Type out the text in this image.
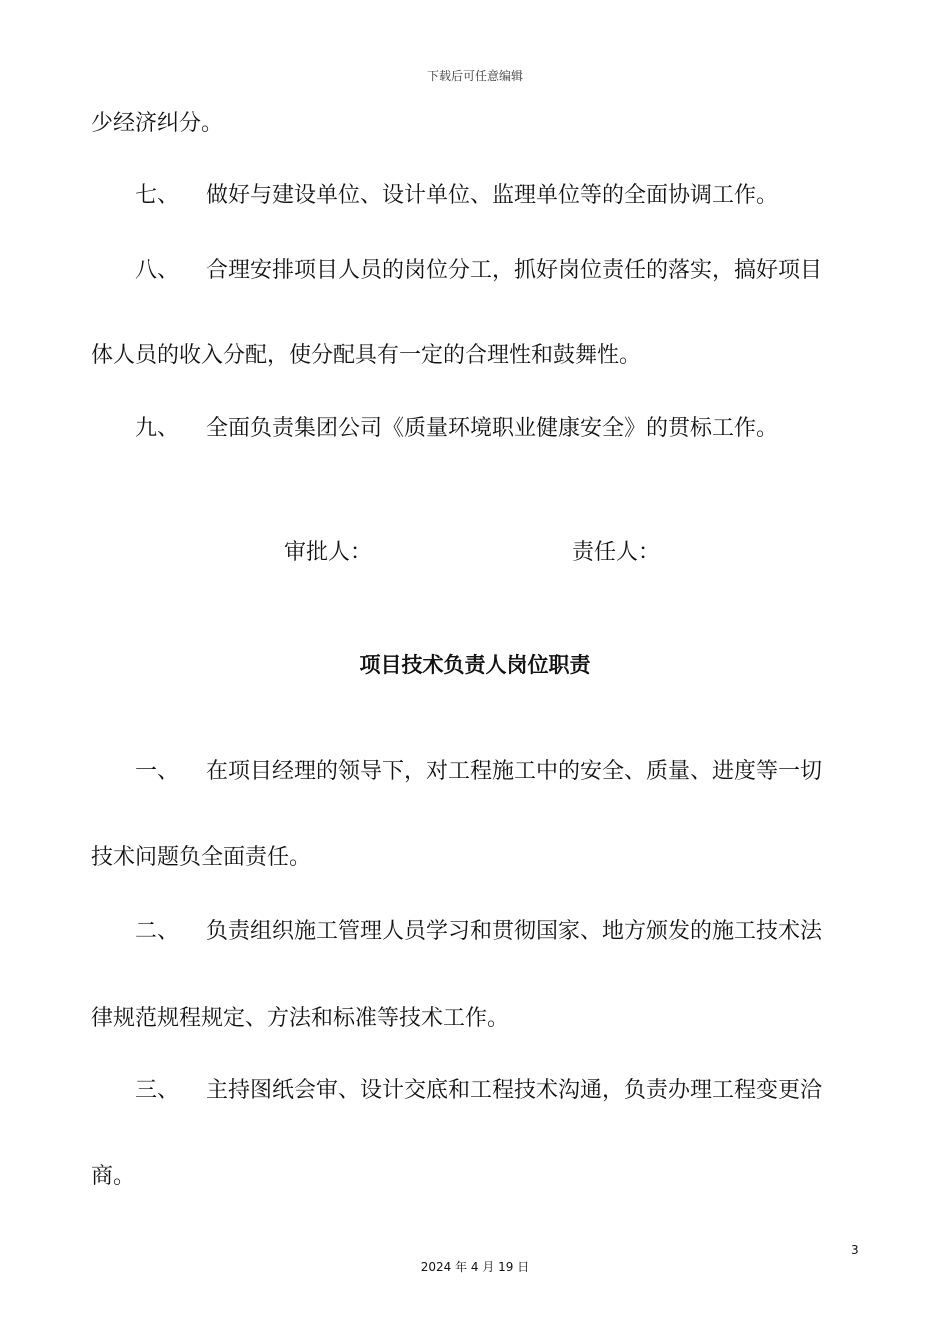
下载后可任意编辑
少经济纠分。
七、 做好与建设单位、设计单位、监理单位等的全面协调工作。
八、 合理安排项目人员的岗位分工，抓好岗位责任的落实，搞好项目
体人员的收入分配，使分配具有一定的合理性和鼓舞性。
九、 全面负责集团公司《质量环境职业健康安全》的贯标工作。
审批人：	责任人：
项目技术负责人岗位职责
一、 在项目经理的领导下，对工程施工中的安全、质量、进度等一切
技术问题负全面责任。
二、 负责组织施工管理人员学习和贯彻国家、地方颁发的施工技术法
律规范规程规定、方法和标准等技术工作。
三、 主持图纸会审、设计交底和工程技术沟通，负责办理工程变更洽
商。
3
2024 年 4 月 19 日
